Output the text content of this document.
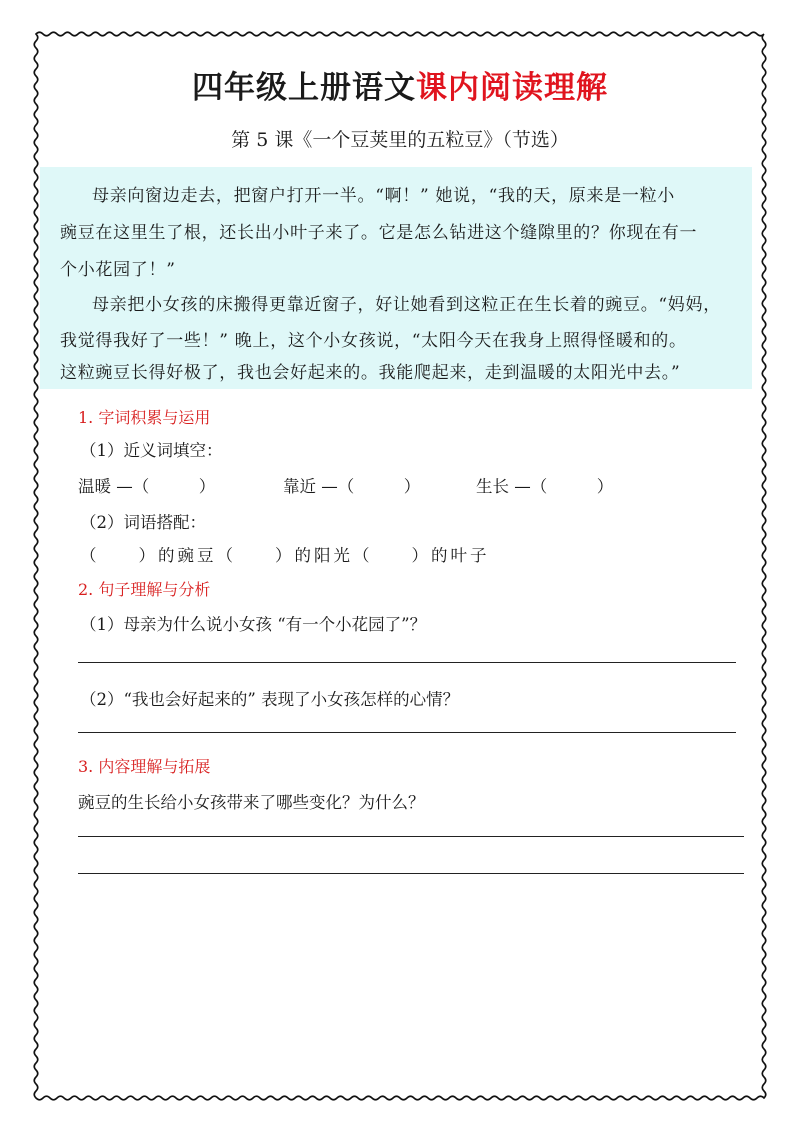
四年级上册语文课内阅读理解
第 5 课《一个豆荚里的五粒豆》（节选）
母亲向窗边走去，把窗户打开一半。“啊！” 她说，“我的天，原来是一粒小
豌豆在这里生了根，还长出小叶子来了。它是怎么钻进这个缝隙里的？你现在有一
个小花园了！”
母亲把小女孩的床搬得更靠近窗子，好让她看到这粒正在生长着的豌豆。“妈妈，
我觉得我好了一些！” 晚上，这个小女孩说，“太阳今天在我身上照得怪暖和的。
这粒豌豆长得好极了，我也会好起来的。我能爬起来，走到温暖的太阳光中去。”
1. 字词积累与运用
（1）近义词填空：
温暖 —（　　　）	靠近 —（　　　）	生长 —（　　　）
（2）词语搭配：
（　　）的豌豆（　　）的阳光（　　）的叶子
2. 句子理解与分析
（1）母亲为什么说小女孩 “有一个小花园了”？
（2）“我也会好起来的” 表现了小女孩怎样的心情？
3. 内容理解与拓展
豌豆的生长给小女孩带来了哪些变化？为什么？
